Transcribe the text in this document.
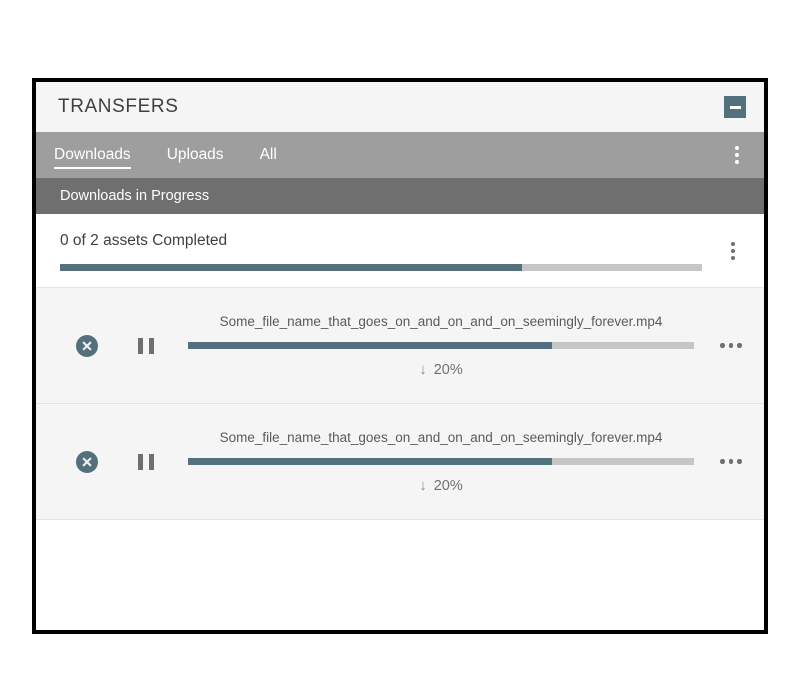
TRANSFERS
Downloads Uploads All
Downloads in Progress
0 of 2 assets Completed
Some_file_name_that_goes_on_and_on_and_on_seemingly_forever.mp4
↓ 20%
Some_file_name_that_goes_on_and_on_and_on_seemingly_forever.mp4
↓ 20%
